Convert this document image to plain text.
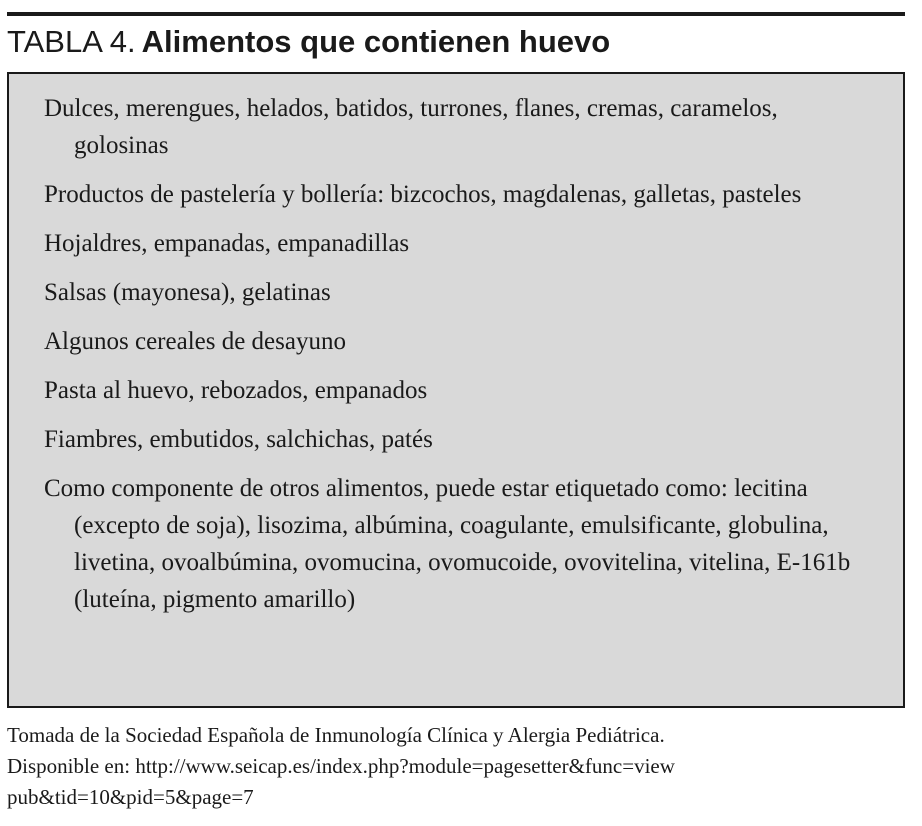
TABLA 4. Alimentos que contienen huevo
Dulces, merengues, helados, batidos, turrones, flanes, cremas, caramelos, golosinas
Productos de pastelería y bollería: bizcochos, magdalenas, galletas, pasteles
Hojaldres, empanadas, empanadillas
Salsas (mayonesa), gelatinas
Algunos cereales de desayuno
Pasta al huevo, rebozados, empanados
Fiambres, embutidos, salchichas, patés
Como componente de otros alimentos, puede estar etiquetado como: lecitina (excepto de soja), lisozima, albúmina, coagulante, emulsificante, globulina, livetina, ovoalbúmina, ovomucina, ovomucoide, ovovitelina, vitelina, E-161b (luteína, pigmento amarillo)
Tomada de la Sociedad Española de Inmunología Clínica y Alergia Pediátrica.
Disponible en: http://www.seicap.es/index.php?module=pagesetter&func=view
pub&tid=10&pid=5&page=7
